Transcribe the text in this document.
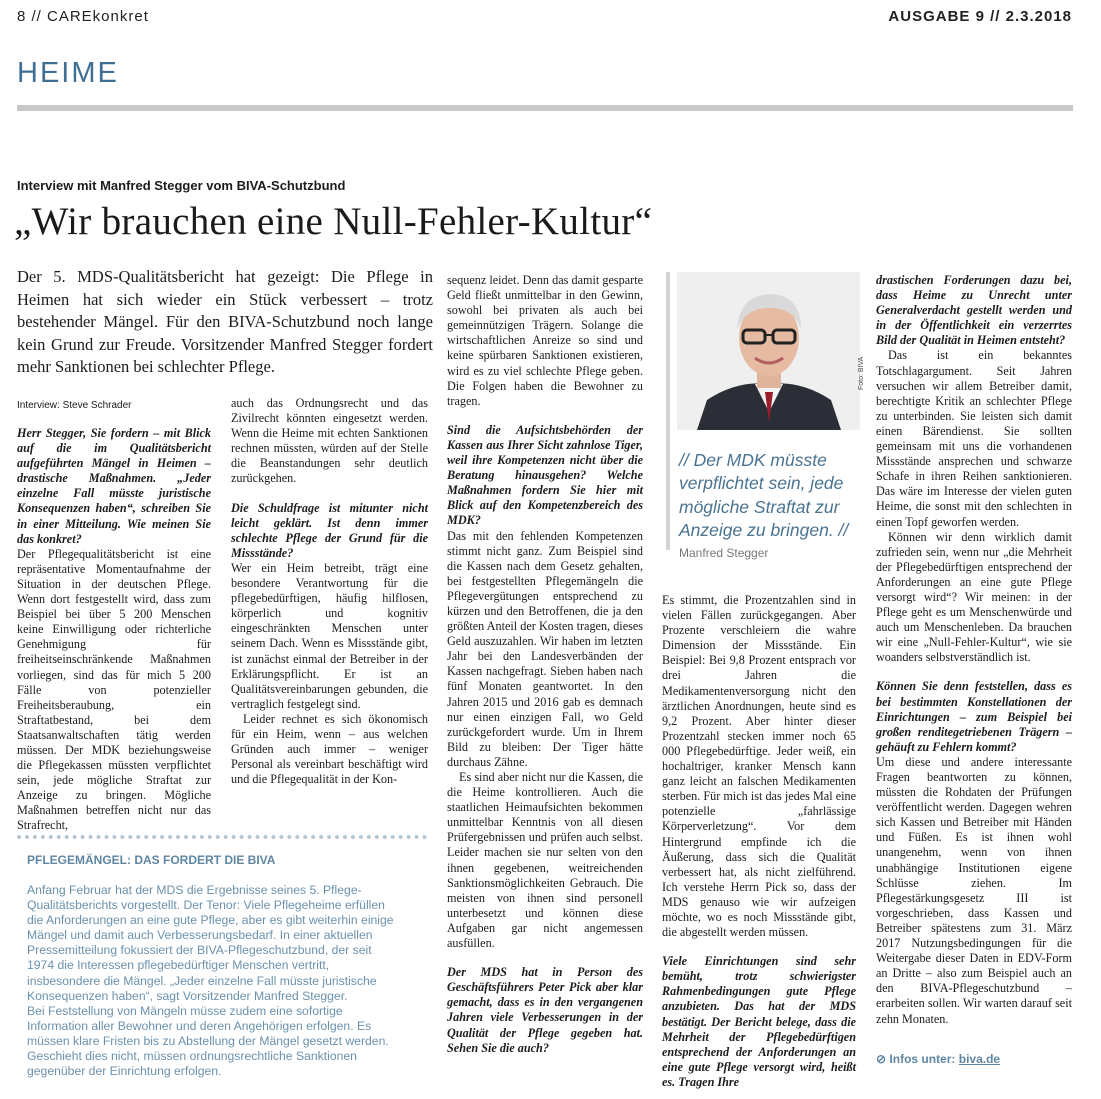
8 // CAREkonkret	AUSGABE 9 // 2.3.2018
HEIME
Interview mit Manfred Stegger vom BIVA-Schutzbund
„Wir brauchen eine Null-Fehler-Kultur“
Der 5. MDS-Qualitätsbericht hat gezeigt: Die Pflege in Heimen hat sich wieder ein Stück verbessert – trotz bestehender Mängel. Für den BIVA-Schutzbund noch lange kein Grund zur Freude. Vorsitzender Manfred Stegger fordert mehr Sanktionen bei schlechter Pflege.
Interview: Steve Schrader

Herr Stegger, Sie fordern – mit Blick auf die im Qualitätsbericht aufgeführten Mängel in Heimen – drastische Maßnahmen. „Jeder einzelne Fall müsste juristische Konsequenzen haben“, schreiben Sie in einer Mitteilung. Wie meinen Sie das konkret?

Der Pflegequalitätsbericht ist eine repräsentative Momentaufnahme der Situation in der deutschen Pflege. Wenn dort festgestellt wird, dass zum Beispiel bei über 5 200 Menschen keine Einwilligung oder richterliche Genehmigung für freiheitseinschränkende Maßnahmen vorliegen, sind das für mich 5 200 Fälle von potenzieller Freiheitsberaubung, ein Straftatbestand, bei dem Staatsanwaltschaften tätig werden müssen. Der MDK beziehungsweise die Pflegekassen müssten verpflichtet sein, jede mögliche Straftat zur Anzeige zu bringen. Mögliche Maßnahmen betreffen nicht nur das Strafrecht,

auch das Ordnungsrecht und das Zivilrecht könnten eingesetzt werden. Wenn die Heime mit echten Sanktionen rechnen müssten, würden auf der Stelle die Beanstandungen sehr deutlich zurückgehen.

Die Schuldfrage ist mitunter nicht leicht geklärt. Ist denn immer schlechte Pflege der Grund für die Missstände?

Wer ein Heim betreibt, trägt eine besondere Verantwortung für die pflegebedürftigen, häufig hilflosen, körperlich und kognitiv eingeschränkten Menschen unter seinem Dach. Wenn es Missstände gibt, ist zunächst einmal der Betreiber in der Erklärungspflicht. Er ist an Qualitätsvereinbarungen gebunden, die vertraglich festgelegt sind.

Leider rechnet es sich ökonomisch für ein Heim, wenn – aus welchen Gründen auch immer – weniger Personal als vereinbart beschäftigt wird und die Pflegequalität in der Kon-

sequenz leidet. Denn das damit gesparte Geld fließt unmittelbar in den Gewinn, sowohl bei privaten als auch bei gemeinnützigen Trägern. Solange die wirtschaftlichen Anreize so sind und keine spürbaren Sanktionen existieren, wird es zu viel schlechte Pflege geben. Die Folgen haben die Bewohner zu tragen.

Sind die Aufsichtsbehörden der Kassen aus Ihrer Sicht zahnlose Tiger, weil ihre Kompetenzen nicht über die Beratung hinausgehen? Welche Maßnahmen fordern Sie hier mit Blick auf den Kompetenzbereich des MDK?

Das mit den fehlenden Kompetenzen stimmt nicht ganz. Zum Beispiel sind die Kassen nach dem Gesetz gehalten, bei festgestellten Pflegemängeln die Pflegevergütungen entsprechend zu kürzen und den Betroffenen, die ja den größten Anteil der Kosten tragen, dieses Geld auszuzahlen. Wir haben im letzten Jahr bei den Landesverbänden der Kassen nachgefragt. Sieben haben nach fünf Monaten geantwortet. In den Jahren 2015 und 2016 gab es demnach nur einen einzigen Fall, wo Geld zurückgefordert wurde. Um in Ihrem Bild zu bleiben: Der Tiger hätte durchaus Zähne.

Es sind aber nicht nur die Kassen, die die Heime kontrollieren. Auch die staatlichen Heimaufsichten bekommen unmittelbar Kenntnis von all diesen Prüfergebnissen und prüfen auch selbst. Leider machen sie nur selten von den ihnen gegebenen, weitreichenden Sanktionsmöglichkeiten Gebrauch. Die meisten von ihnen sind personell unterbesetzt und können diese Aufgaben gar nicht angemessen ausfüllen.

Der MDS hat in Person des Geschäftsführers Peter Pick aber klar gemacht, dass es in den vergangenen Jahren viele Verbesserungen in der Qualität der Pflege gegeben hat. Sehen Sie die auch?

Foto: BIVA
// Der MDK müsste verpflichtet sein, jede mögliche Straftat zur Anzeige zu bringen. //
Manfred Stegger

Es stimmt, die Prozentzahlen sind in vielen Fällen zurückgegangen. Aber Prozente verschleiern die wahre Dimension der Missstände. Ein Beispiel: Bei 9,8 Prozent entsprach vor drei Jahren die Medikamentenversorgung nicht den ärztlichen Anordnungen, heute sind es 9,2 Prozent. Aber hinter dieser Prozentzahl stecken immer noch 65 000 Pflegebedürftige. Jeder weiß, ein hochaltriger, kranker Mensch kann ganz leicht an falschen Medikamenten sterben. Für mich ist das jedes Mal eine potenzielle „fahrlässige Körperverletzung“. Vor dem Hintergrund empfinde ich die Äußerung, dass sich die Qualität verbessert hat, als nicht zielführend. Ich verstehe Herrn Pick so, dass der MDS genauso wie wir aufzeigen möchte, wo es noch Missstände gibt, die abgestellt werden müssen.

Viele Einrichtungen sind sehr bemüht, trotz schwierigster Rahmenbedingungen gute Pflege anzubieten. Das hat der MDS bestätigt. Der Bericht belege, dass die Mehrheit der Pflegebedürftigen entsprechend der Anforderungen an eine gute Pflege versorgt wird, heißt es. Tragen Ihre

drastischen Forderungen dazu bei, dass Heime zu Unrecht unter Generalverdacht gestellt werden und in der Öffentlichkeit ein verzerrtes Bild der Qualität in Heimen entsteht?

Das ist ein bekanntes Totschlagargument. Seit Jahren versuchen wir allem Betreiber damit, berechtigte Kritik an schlechter Pflege zu unterbinden. Sie leisten sich damit einen Bärendienst. Sie sollten gemeinsam mit uns die vorhandenen Missstände ansprechen und schwarze Schafe in ihren Reihen sanktionieren. Das wäre im Interesse der vielen guten Heime, die sonst mit den schlechten in einen Topf geworfen werden.

Können wir denn wirklich damit zufrieden sein, wenn nur „die Mehrheit der Pflegebedürftigen entsprechend der Anforderungen an eine gute Pflege versorgt wird“? Wir meinen: in der Pflege geht es um Menschenwürde und auch um Menschenleben. Da brauchen wir eine „Null-Fehler-Kultur“, wie sie woanders selbstverständlich ist.

Können Sie denn feststellen, dass es bei bestimmten Konstellationen der Einrichtungen – zum Beispiel bei großen renditegetriebenen Trägern – gehäuft zu Fehlern kommt?

Um diese und andere interessante Fragen beantworten zu können, müssten die Rohdaten der Prüfungen veröffentlicht werden. Dagegen wehren sich Kassen und Betreiber mit Händen und Füßen. Es ist ihnen wohl unangenehm, wenn von ihnen unabhängige Institutionen eigene Schlüsse ziehen. Im Pflegestärkungsgesetz III ist vorgeschrieben, dass Kassen und Betreiber spätestens zum 31. März 2017 Nutzungsbedingungen für die Weitergabe dieser Daten in EDV-Form an Dritte – also zum Beispiel auch an den BIVA-Pflegeschutzbund – erarbeiten sollen. Wir warten darauf seit zehn Monaten.

⊘ Infos unter: biva.de
PFLEGEMÄNGEL: DAS FORDERT DIE BIVA

Anfang Februar hat der MDS die Ergebnisse seines 5. Pflege-Qualitätsberichts vorgestellt. Der Tenor: Viele Pflegeheime erfüllen die Anforderungen an eine gute Pflege, aber es gibt weiterhin einige Mängel und damit auch Verbesserungsbedarf. In einer aktuellen Pressemitteilung fokussiert der BIVA-Pflegeschutzbund, der seit 1974 die Interessen pflegebedürftiger Menschen vertritt, insbesondere die Mängel. „Jeder einzelne Fall müsste juristische Konsequenzen haben“, sagt Vorsitzender Manfred Stegger.

Bei Feststellung von Mängeln müsse zudem eine sofortige Information aller Bewohner und deren Angehörigen erfolgen. Es müssen klare Fristen bis zu Abstellung der Mängel gesetzt werden. Geschieht dies nicht, müssen ordnungsrechtliche Sanktionen gegenüber der Einrichtung erfolgen.
